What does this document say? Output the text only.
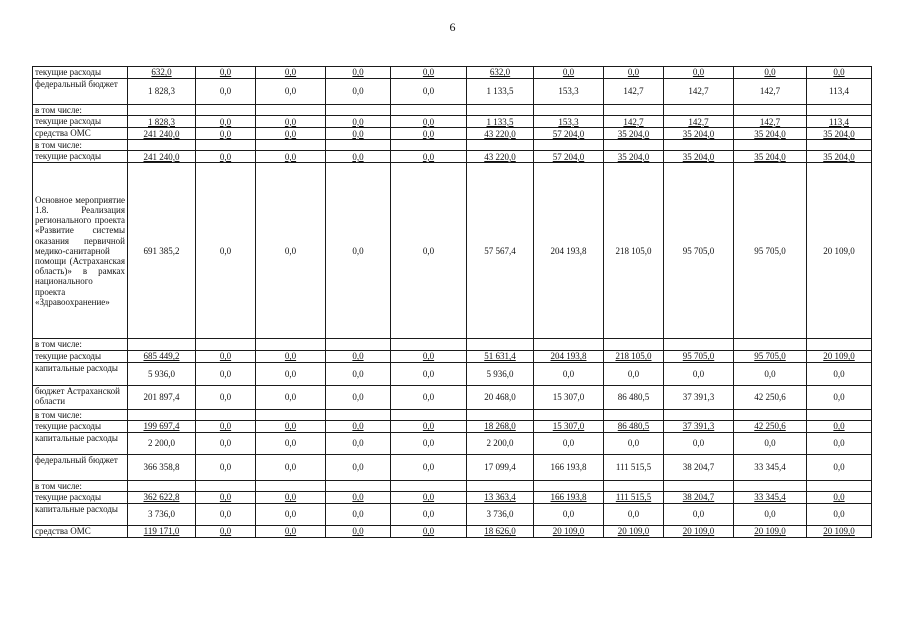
6
текущие расходы	632,0	0,0	0,0	0,0	0,0	632,0	0,0	0,0	0,0	0,0	0,0
федеральный бюджет	1 828,3	0,0	0,0	0,0	0,0	1 133,5	153,3	142,7	142,7	142,7	113,4
в том числе:											
текущие расходы	1 828,3	0,0	0,0	0,0	0,0	1 133,5	153,3	142,7	142,7	142,7	113,4
средства ОМС	241 240,0	0,0	0,0	0,0	0,0	43 220,0	57 204,0	35 204,0	35 204,0	35 204,0	35 204,0
в том числе:											
текущие расходы	241 240,0	0,0	0,0	0,0	0,0	43 220,0	57 204,0	35 204,0	35 204,0	35 204,0	35 204,0
Основное мероприятие 1.8. Реализация регионального проекта «Развитие системы оказания первичной медико-санитарной помощи (Астраханская область)» в рамках национального проекта «Здравоохранение»	691 385,2	0,0	0,0	0,0	0,0	57 567,4	204 193,8	218 105,0	95 705,0	95 705,0	20 109,0
в том числе:											
текущие расходы	685 449,2	0,0	0,0	0,0	0,0	51 631,4	204 193,8	218 105,0	95 705,0	95 705,0	20 109,0
капитальные расходы	5 936,0	0,0	0,0	0,0	0,0	5 936,0	0,0	0,0	0,0	0,0	0,0
бюджет Астраханской области	201 897,4	0,0	0,0	0,0	0,0	20 468,0	15 307,0	86 480,5	37 391,3	42 250,6	0,0
в том числе:											
текущие расходы	199 697,4	0,0	0,0	0,0	0,0	18 268,0	15 307,0	86 480,5	37 391,3	42 250,6	0,0
капитальные расходы	2 200,0	0,0	0,0	0,0	0,0	2 200,0	0,0	0,0	0,0	0,0	0,0
федеральный бюджет	366 358,8	0,0	0,0	0,0	0,0	17 099,4	166 193,8	111 515,5	38 204,7	33 345,4	0,0
в том числе:											
текущие расходы	362 622,8	0,0	0,0	0,0	0,0	13 363,4	166 193,8	111 515,5	38 204,7	33 345,4	0,0
капитальные расходы	3 736,0	0,0	0,0	0,0	0,0	3 736,0	0,0	0,0	0,0	0,0	0,0
средства ОМС	119 171,0	0,0	0,0	0,0	0,0	18 626,0	20 109,0	20 109,0	20 109,0	20 109,0	20 109,0
